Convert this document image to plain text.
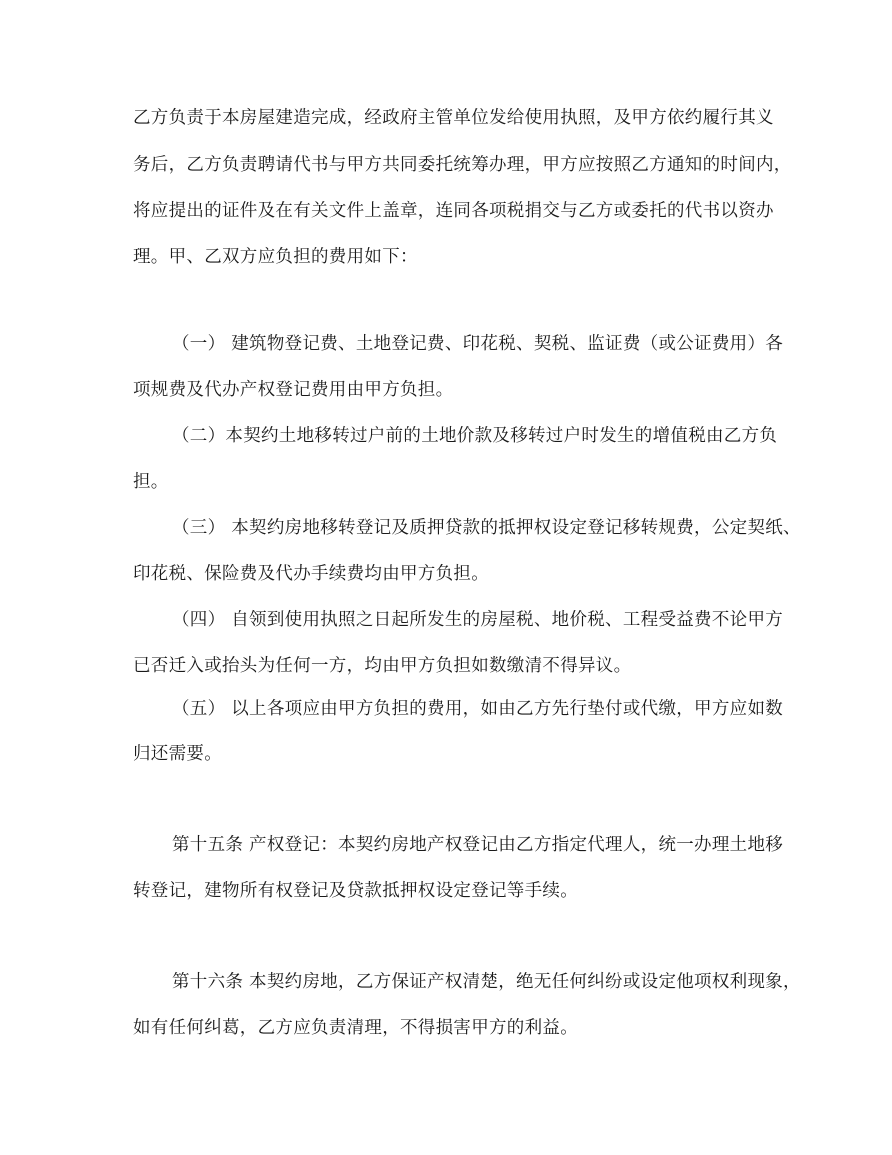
乙方负责于本房屋建造完成，经政府主管单位发给使用执照，及甲方依约履行其义
务后，乙方负责聘请代书与甲方共同委托统筹办理，甲方应按照乙方通知的时间内，
将应提出的证件及在有关文件上盖章，连同各项税捐交与乙方或委托的代书以资办
理。甲、乙双方应负担的费用如下：
（一） 建筑物登记费、土地登记费、印花税、契税、监证费（或公证费用）各
项规费及代办产权登记费用由甲方负担。
（二）本契约土地移转过户前的土地价款及移转过户时发生的增值税由乙方负
担。
（三） 本契约房地移转登记及质押贷款的抵押权设定登记移转规费，公定契纸、
印花税、保险费及代办手续费均由甲方负担。
（四） 自领到使用执照之日起所发生的房屋税、地价税、工程受益费不论甲方
已否迁入或抬头为任何一方，均由甲方负担如数缴清不得异议。
（五） 以上各项应由甲方负担的费用，如由乙方先行垫付或代缴，甲方应如数
归还需要。
第十五条 产权登记：本契约房地产权登记由乙方指定代理人，统一办理土地移
转登记，建物所有权登记及贷款抵押权设定登记等手续。
第十六条 本契约房地，乙方保证产权清楚，绝无任何纠纷或设定他项权利现象，
如有任何纠葛，乙方应负责清理，不得损害甲方的利益。
